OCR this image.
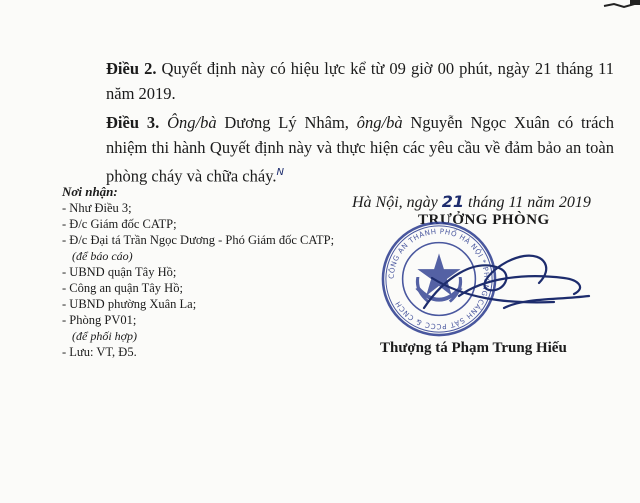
Điều 2. Quyết định này có hiệu lực kể từ 09 giờ 00 phút, ngày 21 tháng 11 năm 2019.
Điều 3. Ông/bà Dương Lý Nhâm, ông/bà Nguyễn Ngọc Xuân có trách nhiệm thi hành Quyết định này và thực hiện các yêu cầu về đảm bảo an toàn phòng cháy và chữa cháy.$^N$
Nơi nhận:
- Như Điều 3;
- Đ/c Giám đốc CATP;
- Đ/c Đại tá Trần Ngọc Dương - Phó Giám đốc CATP;
(để báo cáo)
- UBND quận Tây Hồ;
- Công an quận Tây Hồ;
- UBND phường Xuân La;
- Phòng PV01;
(để phối hợp)
- Lưu: VT, Đ5.
Hà Nội, ngày 21 tháng 11 năm 2019
TRƯỞNG PHÒNG
CÔNG AN THÀNH PHỐ HÀ NỘI * PHÒNG CẢNH SÁT PCCC & CNCH
Thượng tá Phạm Trung Hiếu
